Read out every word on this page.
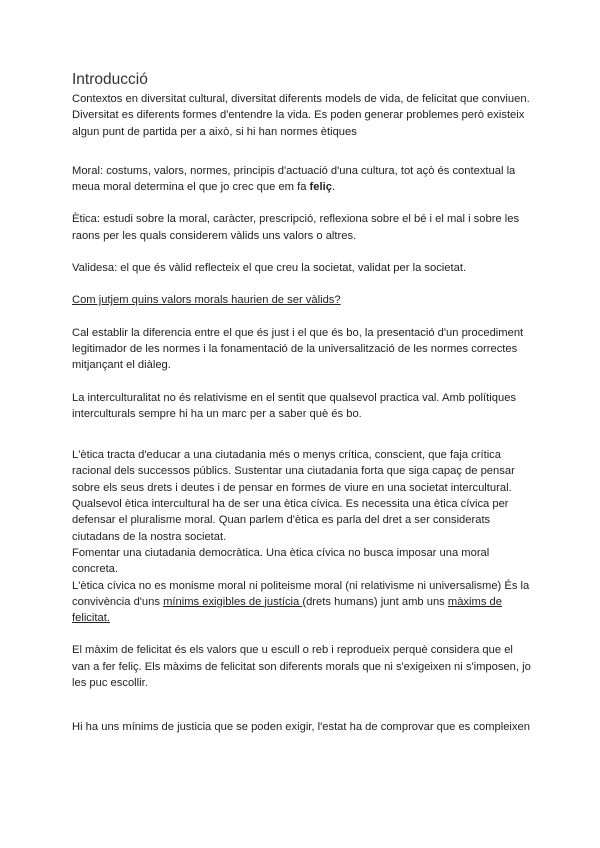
Introducció

Contextos en diversitat cultural, diversitat diferents models de vida, de felicitat que conviuen. Diversitat es diferents formes d'entendre la vida. Es poden generar problemes però existeix algun punt de partida per a això, si hi han normes ètiques

Moral: costums, valors, normes, principis d'actuació d'una cultura, tot açò és contextual la meua moral determina el que jo crec que em fa feliç.

Ètica: estudi sobre la moral, caràcter, prescripció, reflexiona sobre el bé i el mal i sobre les raons per les quals considerem vàlids uns valors o altres.

Validesa: el que és vàlid reflecteix el que creu la societat, validat per la societat.

Com jutjem quins valors morals haurien de ser vàlids?

Cal establir la diferencia entre el que és just i el que és bo, la presentació d'un procediment legitimador de les normes i la fonamentació de la universalització de les normes correctes mitjançant el diàleg.

La interculturalitat no és relativisme en el sentit que qualsevol practica val. Amb polítiques interculturals sempre hi ha un marc per a saber què és bo.

L'ètica tracta d'educar a una ciutadania més o menys crítica, conscient, que faja crítica racional dels successos públics. Sustentar una ciutadania forta que siga capaç de pensar sobre els seus drets i deutes i de pensar en formes de viure en una societat intercultural.

Qualsevol ètica intercultural ha de ser una ètica cívica. Es necessita una ètica cívica per defensar el pluralisme moral. Quan parlem d'ètica es parla del dret a ser considerats ciutadans de la nostra societat.

Fomentar una ciutadania democràtica. Una ètica cívica no busca imposar una moral concreta.

L'ètica cívica no es monisme moral ni politeisme moral (ni relativisme ni universalisme) És la convivència d'uns mínims exigibles de justícia (drets humans) junt amb uns màxims de felicitat.

El màxim de felicitat és els valors que u escull o reb i reprodueix perquè considera que el van a fer feliç. Els màxims de felicitat son diferents morals que ni s'exigeixen ni s'imposen, jo les puc escollir.

Hi ha uns mínims de justicia que se poden exigir, l'estat ha de comprovar que es compleixen
